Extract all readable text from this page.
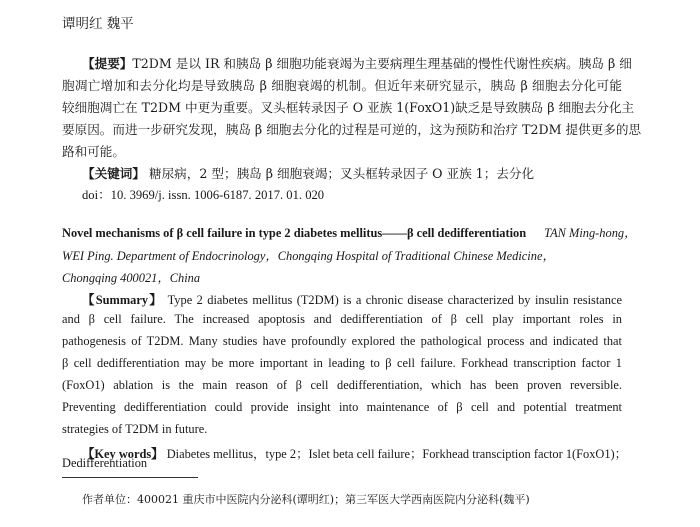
谭明红 魏平
【提要】T2DM 是以 IR 和胰岛 β 细胞功能衰竭为主要病理生理基础的慢性代谢性疾病。胰岛 β 细
胞凋亡增加和去分化均是导致胰岛 β 细胞衰竭的机制。但近年来研究显示，胰岛 β 细胞去分化可能
较细胞凋亡在 T2DM 中更为重要。叉头框转录因子 O 亚族 1(FoxO1)缺乏是导致胰岛 β 细胞去分化主
要原因。而进一步研究发现，胰岛 β 细胞去分化的过程是可逆的，这为预防和治疗 T2DM 提供更多的思
路和可能。
【关键词】 糖尿病，2 型；胰岛 β 细胞衰竭；叉头框转录因子 O 亚族 1；去分化
doi：10. 3969/j. issn. 1006-6187. 2017. 01. 020
Novel mechanisms of β cell failure in type 2 diabetes mellitus——β cell dedifferentiation TAN Ming-hong，
WEI Ping. Department of Endocrinology，Chongqing Hospital of Traditional Chinese Medicine，
Chongqing 400021，China
【Summary】 Type 2 diabetes mellitus (T2DM) is a chronic disease characterized by insulin resistance
and β cell failure. The increased apoptosis and dedifferentiation of β cell play important roles in
pathogenesis of T2DM. Many studies have profoundly explored the pathological process and indicated that
β cell dedifferentiation may be more important in leading to β cell failure. Forkhead transcription factor 1
(FoxO1) ablation is the main reason of β cell dedifferentiation, which has been proven reversible.
Preventing dedifferentiation could provide insight into maintenance of β cell and potential treatment
strategies of T2DM in future.
【Key words】 Diabetes mellitus，type 2；Islet beta cell failure；Forkhead transciption factor 1(FoxO1)；
Dedifferentiation
作者单位：400021 重庆市中医院内分泌科(谭明红)；第三军医大学西南医院内分泌科(魏平)
